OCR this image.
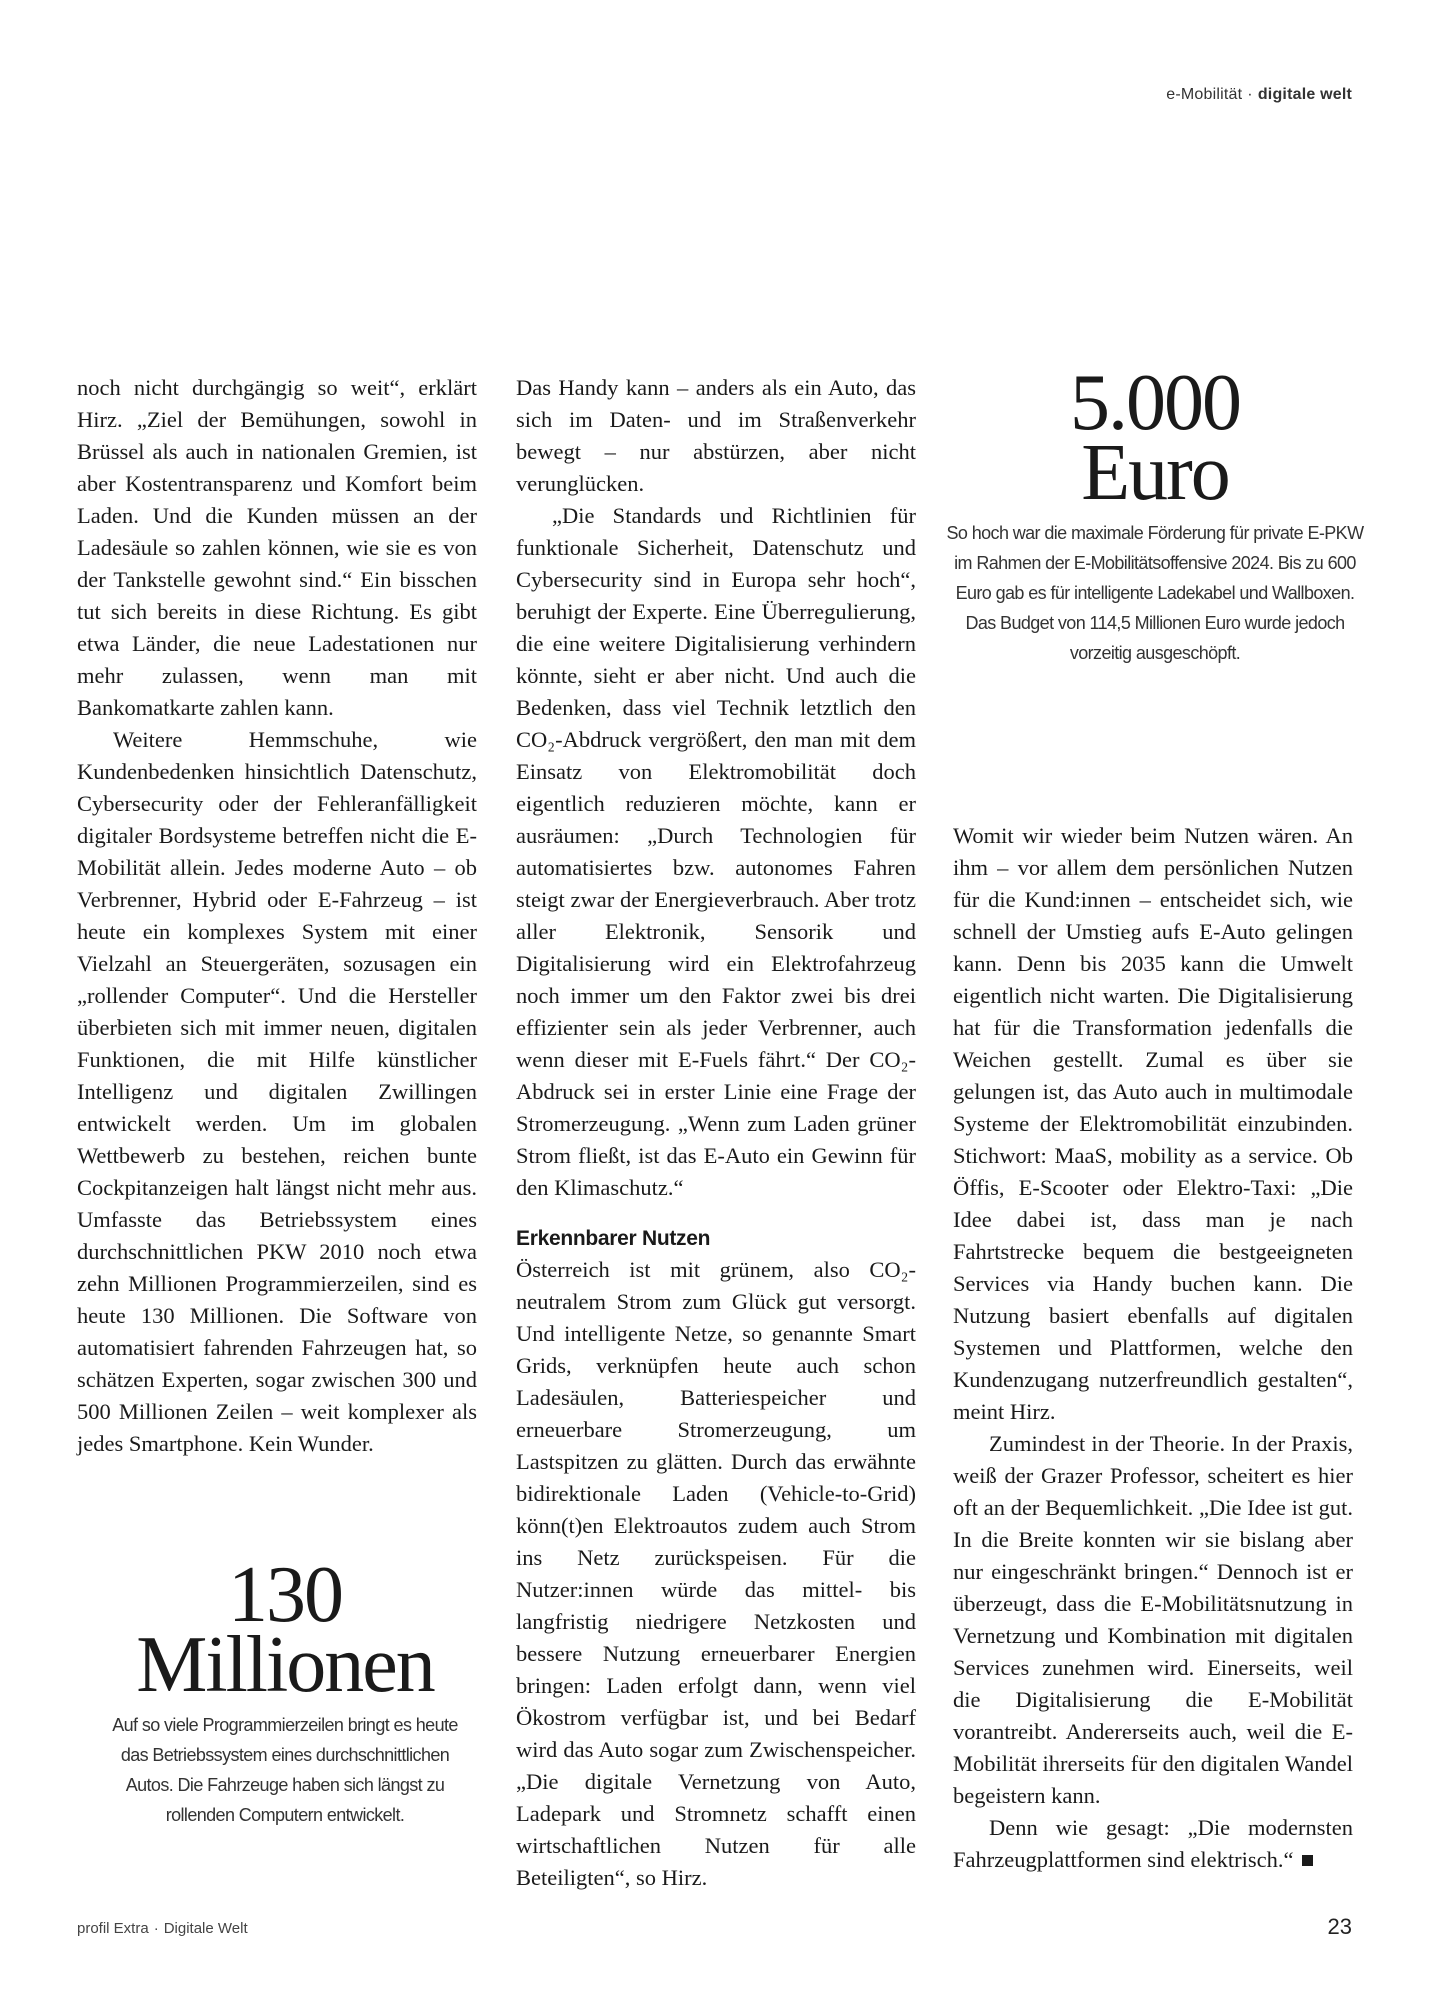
e-Mobilität · digitale welt

noch nicht durchgängig so weit“, erklärt Hirz. „Ziel der Bemühungen, sowohl in Brüssel als auch in nationalen Gremien, ist aber Kostentransparenz und Komfort beim Laden. Und die Kunden müssen an der Ladesäule so zahlen können, wie sie es von der Tankstelle gewohnt sind.“ Ein bisschen tut sich bereits in diese Richtung. Es gibt etwa Länder, die neue Ladestationen nur mehr zulassen, wenn man mit Bankomatkarte zahlen kann.

Weitere Hemmschuhe, wie Kundenbedenken hinsichtlich Datenschutz, Cybersecurity oder der Fehleranfälligkeit digitaler Bordsysteme betreffen nicht die E-Mobilität allein. Jedes moderne Auto – ob Verbrenner, Hybrid oder E-Fahrzeug – ist heute ein komplexes System mit einer Vielzahl an Steuergeräten, sozusagen ein „rollender Computer“. Und die Hersteller überbieten sich mit immer neuen, digitalen Funktionen, die mit Hilfe künstlicher Intelligenz und digitalen Zwillingen entwickelt werden. Um im globalen Wettbewerb zu bestehen, reichen bunte Cockpitanzeigen halt längst nicht mehr aus. Umfasste das Betriebssystem eines durchschnittlichen PKW 2010 noch etwa zehn Millionen Programmierzeilen, sind es heute 130 Millionen. Die Software von automatisiert fahrenden Fahrzeugen hat, so schätzen Experten, sogar zwischen 300 und 500 Millionen Zeilen – weit komplexer als jedes Smartphone. Kein Wunder.

Das Handy kann – anders als ein Auto, das sich im Daten- und im Straßenverkehr bewegt – nur abstürzen, aber nicht verunglücken.

„Die Standards und Richtlinien für funktionale Sicherheit, Datenschutz und Cybersecurity sind in Europa sehr hoch“, beruhigt der Experte. Eine Überregulierung, die eine weitere Digitalisierung verhindern könnte, sieht er aber nicht. Und auch die Bedenken, dass viel Technik letztlich den CO₂-Abdruck vergrößert, den man mit dem Einsatz von Elektromobilität doch eigentlich reduzieren möchte, kann er ausräumen: „Durch Technologien für automatisiertes bzw. autonomes Fahren steigt zwar der Energieverbrauch. Aber trotz aller Elektronik, Sensorik und Digitalisierung wird ein Elektrofahrzeug noch immer um den Faktor zwei bis drei effizienter sein als jeder Verbrenner, auch wenn dieser mit E-Fuels fährt.“ Der CO₂-Abdruck sei in erster Linie eine Frage der Stromerzeugung. „Wenn zum Laden grüner Strom fließt, ist das E-Auto ein Gewinn für den Klimaschutz.“

Erkennbarer Nutzen

Österreich ist mit grünem, also CO₂-neutralem Strom zum Glück gut versorgt. Und intelligente Netze, so genannte Smart Grids, verknüpfen heute auch schon Ladesäulen, Batteriespeicher und erneuerbare Stromerzeugung, um Lastspitzen zu glätten. Durch das erwähnte bidirektionale Laden (Vehicle-to-Grid) könn(t)en Elektroautos zudem auch Strom ins Netz zurückspeisen. Für die Nutzer:innen würde das mittel- bis langfristig niedrigere Netzkosten und bessere Nutzung erneuerbarer Energien bringen: Laden erfolgt dann, wenn viel Ökostrom verfügbar ist, und bei Bedarf wird das Auto sogar zum Zwischenspeicher. „Die digitale Vernetzung von Auto, Ladepark und Stromnetz schafft einen wirtschaftlichen Nutzen für alle Beteiligten“, so Hirz.

5.000
Euro
So hoch war die maximale Förderung für private E-PKW im Rahmen der E-Mobilitätsoffensive 2024. Bis zu 600 Euro gab es für intelligente Ladekabel und Wallboxen. Das Budget von 114,5 Millionen Euro wurde jedoch vorzeitig ausgeschöpft.

Womit wir wieder beim Nutzen wären. An ihm – vor allem dem persönlichen Nutzen für die Kund:innen – entscheidet sich, wie schnell der Umstieg aufs E-Auto gelingen kann. Denn bis 2035 kann die Umwelt eigentlich nicht warten. Die Digitalisierung hat für die Transformation jedenfalls die Weichen gestellt. Zumal es über sie gelungen ist, das Auto auch in multimodale Systeme der Elektromobilität einzubinden. Stichwort: MaaS, mobility as a service. Ob Öffis, E-Scooter oder Elektro-Taxi: „Die Idee dabei ist, dass man je nach Fahrtstrecke bequem die bestgeeigneten Services via Handy buchen kann. Die Nutzung basiert ebenfalls auf digitalen Systemen und Plattformen, welche den Kundenzugang nutzerfreundlich gestalten“, meint Hirz.

Zumindest in der Theorie. In der Praxis, weiß der Grazer Professor, scheitert es hier oft an der Bequemlichkeit. „Die Idee ist gut. In die Breite konnten wir sie bislang aber nur eingeschränkt bringen.“ Dennoch ist er überzeugt, dass die E-Mobilitätsnutzung in Vernetzung und Kombination mit digitalen Services zunehmen wird. Einerseits, weil die Digitalisierung die E-Mobilität vorantreibt. Andererseits auch, weil die E-Mobilität ihrerseits für den digitalen Wandel begeistern kann.

Denn wie gesagt: „Die modernsten Fahrzeugplattformen sind elektrisch.“

130
Millionen
Auf so viele Programmierzeilen bringt es heute das Betriebssystem eines durchschnittlichen Autos. Die Fahrzeuge haben sich längst zu rollenden Computern entwickelt.
profil Extra · Digitale Welt	23
